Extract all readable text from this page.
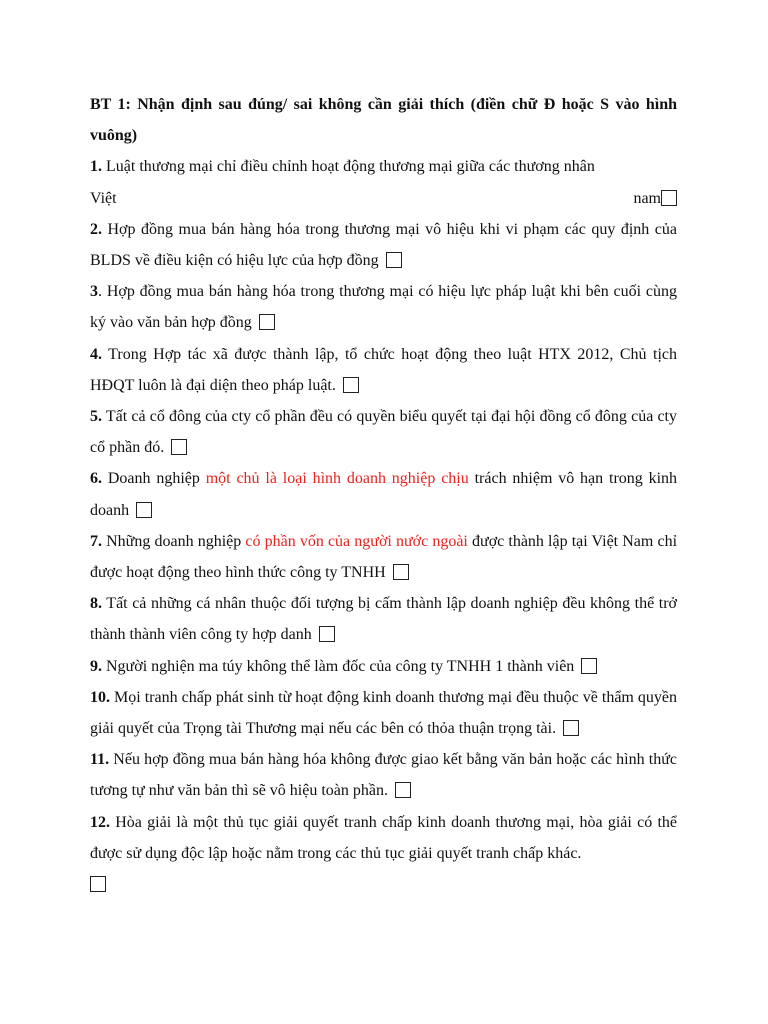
BT 1: Nhận định sau đúng/ sai không cần giải thích (điền chữ Đ hoặc S vào hình vuông)

1. Luật thương mại chỉ điều chỉnh hoạt động thương mại giữa các thương nhân

Việt	nam

2. Hợp đồng mua bán hàng hóa trong thương mại vô hiệu khi vi phạm các quy định của BLDS về điều kiện có hiệu lực của hợp đồng

3. Hợp đồng mua bán hàng hóa trong thương mại có hiệu lực pháp luật khi bên cuối cùng ký vào văn bản hợp đồng

4. Trong Hợp tác xã được thành lập, tổ chức hoạt động theo luật HTX 2012, Chủ tịch HĐQT luôn là đại diện theo pháp luật.

5. Tất cả cổ đông của cty cổ phần đều có quyền biểu quyết tại đại hội đồng cổ đông của cty cổ phần đó.

6. Doanh nghiệp một chủ là loại hình doanh nghiệp chịu trách nhiệm vô hạn trong kinh doanh

7. Những doanh nghiệp có phần vốn của người nước ngoài được thành lập tại Việt Nam chỉ được hoạt động theo hình thức công ty TNHH

8. Tất cả những cá nhân thuộc đối tượng bị cấm thành lập doanh nghiệp đều không thể trở thành thành viên công ty hợp danh

9. Người nghiện ma túy không thể làm đốc của công ty TNHH 1 thành viên

10. Mọi tranh chấp phát sinh từ hoạt động kinh doanh thương mại đều thuộc về thẩm quyền giải quyết của Trọng tài Thương mại nếu các bên có thỏa thuận trọng tài.

11. Nếu hợp đồng mua bán hàng hóa không được giao kết bằng văn bản hoặc các hình thức tương tự như văn bản thì sẽ vô hiệu toàn phần.

12. Hòa giải là một thủ tục giải quyết tranh chấp kinh doanh thương mại, hòa giải có thể được sử dụng độc lập hoặc nằm trong các thủ tục giải quyết tranh chấp khác.
